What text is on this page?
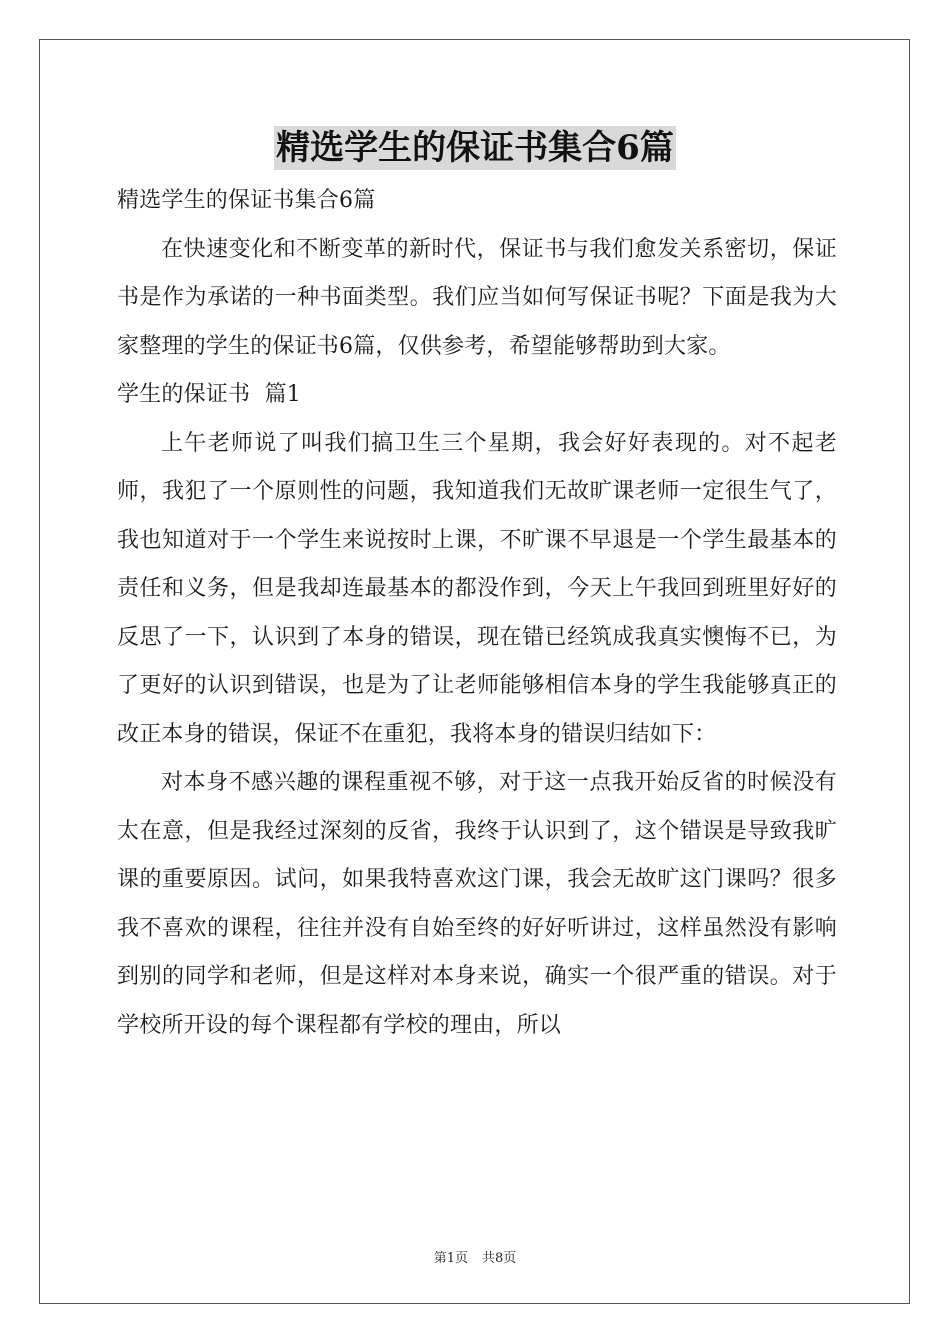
精选学生的保证书集合6篇

精选学生的保证书集合6篇

在快速变化和不断变革的新时代，保证书与我们愈发关系密切，保证书是作为承诺的一种书面类型。我们应当如何写保证书呢？下面是我为大家整理的学生的保证书6篇，仅供参考，希望能够帮助到大家。

学生的保证书  篇1

上午老师说了叫我们搞卫生三个星期，我会好好表现的。对不起老师，我犯了一个原则性的问题，我知道我们无故旷课老师一定很生气了，我也知道对于一个学生来说按时上课，不旷课不早退是一个学生最基本的责任和义务，但是我却连最基本的都没作到，今天上午我回到班里好好的反思了一下，认识到了本身的错误，现在错已经筑成我真实懊悔不已，为了更好的认识到错误，也是为了让老师能够相信本身的学生我能够真正的改正本身的错误，保证不在重犯，我将本身的错误归结如下：

对本身不感兴趣的课程重视不够，对于这一点我开始反省的时候没有太在意，但是我经过深刻的反省，我终于认识到了，这个错误是导致我旷课的重要原因。试问，如果我特喜欢这门课，我会无故旷这门课吗？很多我不喜欢的课程，往往并没有自始至终的好好听讲过，这样虽然没有影响到别的同学和老师，但是这样对本身来说，确实一个很严重的错误。对于学校所开设的每个课程都有学校的理由，所以

第1页 共8页
